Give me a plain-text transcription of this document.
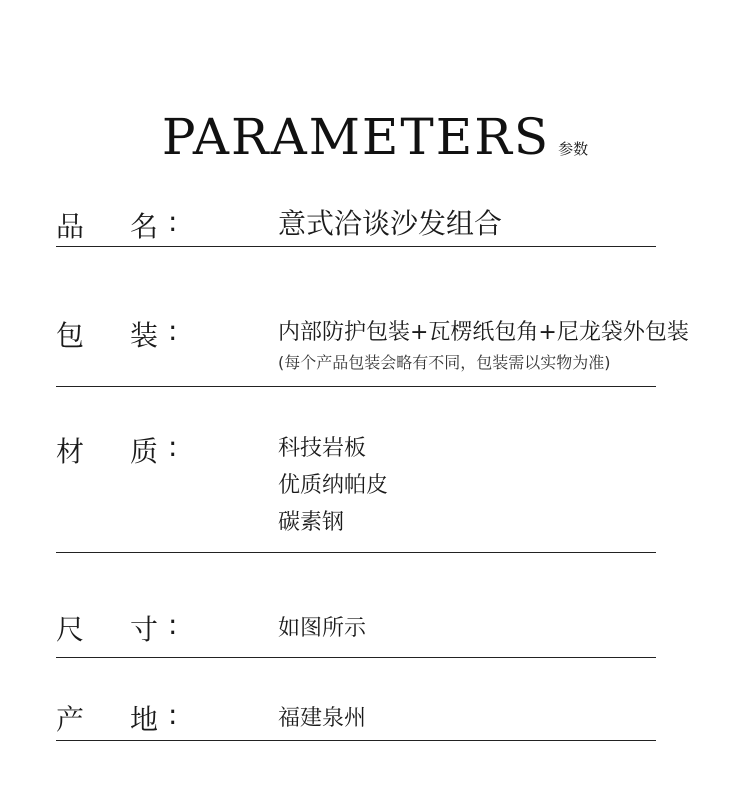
PARAMETERS 参数
品 名 :	意式洽谈沙发组合
包 装 :	内部防护包装+瓦楞纸包角+尼龙袋外包装
(每个产品包装会略有不同，包装需以实物为准)
材 质 :	科技岩板
优质纳帕皮
碳素钢
尺 寸 :	如图所示
产 地 :	福建泉州
